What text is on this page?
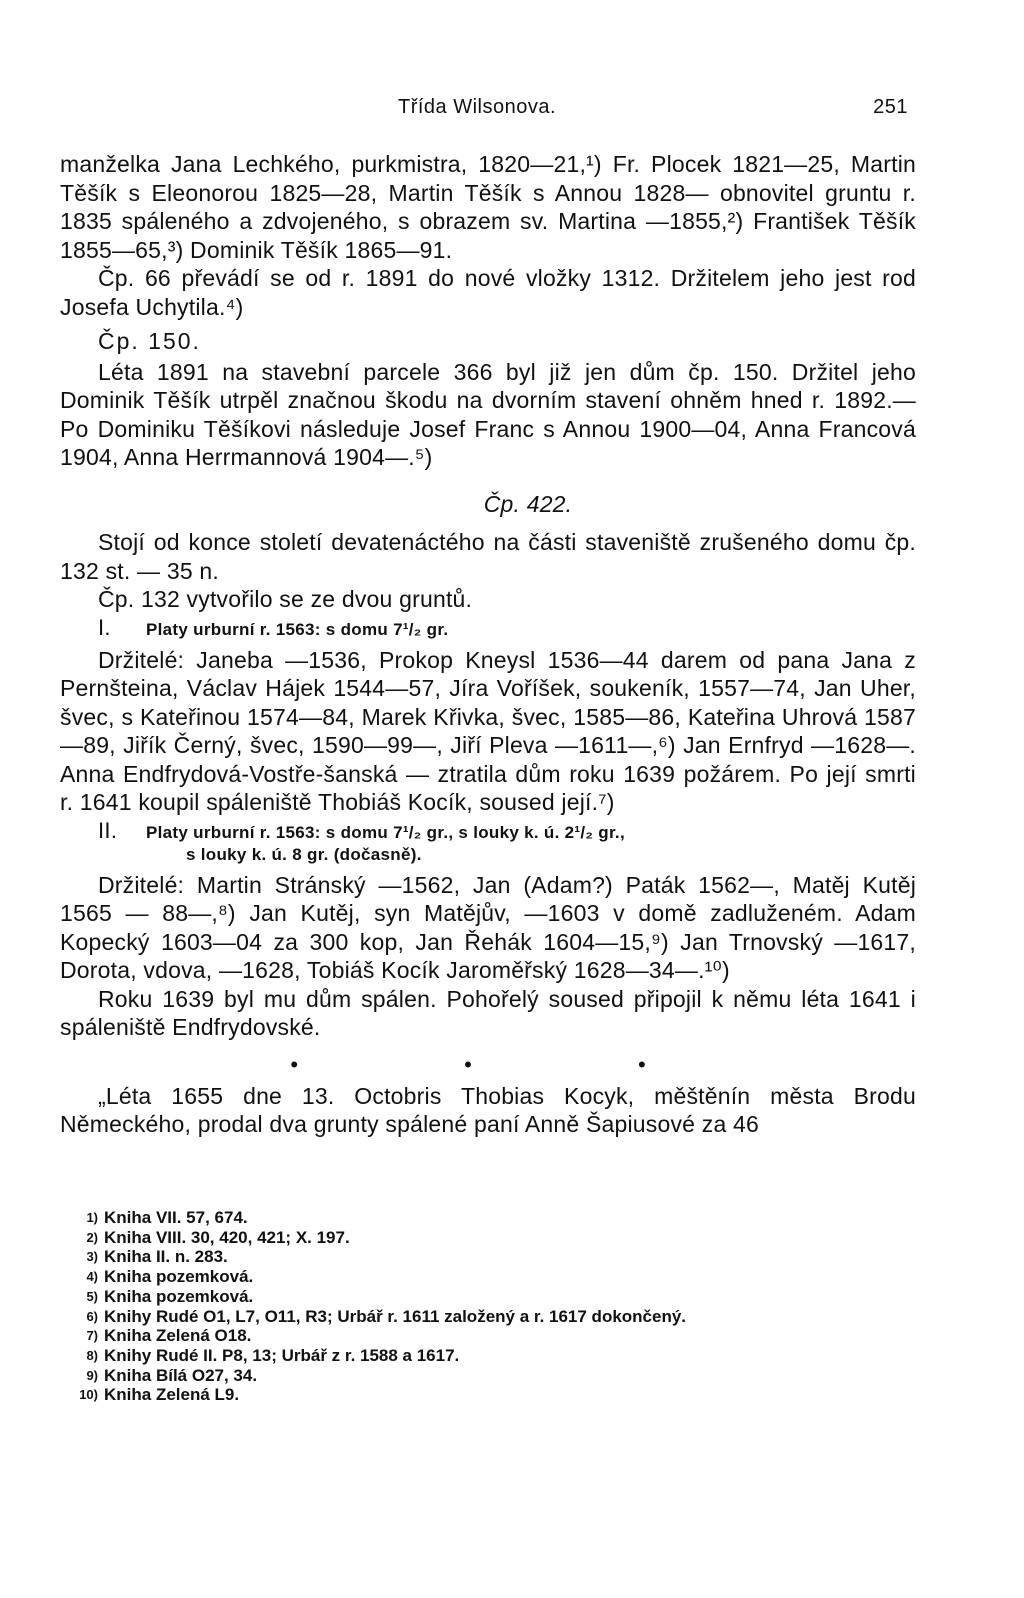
Třída Wilsonova.	251

manželka Jana Lechkého, purkmistra, 1820—21,¹) Fr. Plocek 1821—25, Martin Těšík s Eleonorou 1825—28, Martin Těšík s Annou 1828— obnovitel gruntu r. 1835 spáleného a zdvojeného, s obrazem sv. Martina —1855,²) František Těšík 1855—65,³) Dominik Těšík 1865—91.

Čp. 66 převádí se od r. 1891 do nové vložky 1312. Držitelem jeho jest rod Josefa Uchytila.⁴)

Čp. 150.

Léta 1891 na stavební parcele 366 byl již jen dům čp. 150. Držitel jeho Dominik Těšík utrpěl značnou škodu na dvorním stavení ohněm hned r. 1892.— Po Dominiku Těšíkovi následuje Josef Franc s Annou 1900—04, Anna Francová 1904, Anna Herrmannová 1904—.⁵)

Čp. 422.

Stojí od konce století devatenáctého na části staveniště zrušeného domu čp. 132 st. — 35 n.

Čp. 132 vytvořilo se ze dvou gruntů.

I. Platy urburní r. 1563: s domu 7¹/₂ gr.

Držitelé: Janeba —1536, Prokop Kneysl 1536—44 darem od pana Jana z Pernšteina, Václav Hájek 1544—57, Jíra Voříšek, soukeník, 1557—74, Jan Uher, švec, s Kateřinou 1574—84, Marek Křivka, švec, 1585—86, Kateřina Uhrová 1587—89, Jiřík Černý, švec, 1590—99—, Jiří Pleva —1611—,⁶) Jan Ernfryd —1628—. Anna Endfrydová-Vostře-šanská — ztratila dům roku 1639 požárem. Po její smrti r. 1641 koupil spáleniště Thobiáš Kocík, soused její.⁷)

II. Platy urburní r. 1563: s domu 7¹/₂ gr., s louky k. ú. 2¹/₂ gr.,
s louky k. ú. 8 gr. (dočasně).

Držitelé: Martin Stránský —1562, Jan (Adam?) Paták 1562—, Matěj Kutěj 1565 — 88—,⁸) Jan Kutěj, syn Matějův, —1603 v domě zadluženém. Adam Kopecký 1603—04 za 300 kop, Jan Řehák 1604—15,⁹) Jan Trnovský —1617, Dorota, vdova, —1628, Tobiáš Kocík Jaroměřský 1628—34—.¹⁰)

Roku 1639 byl mu dům spálen. Pohořelý soused připojil k němu léta 1641 i spáleniště Endfrydovské.

• • •

„Léta 1655 dne 13. Octobris Thobias Kocyk, měštěnín města Brodu Německého, prodal dva grunty spálené paní Anně Šapiusové za 46

1) Kniha VII. 57, 674.
2) Kniha VIII. 30, 420, 421; X. 197.
3) Kniha II. n. 283.
4) Kniha pozemková.
5) Kniha pozemková.
6) Knihy Rudé O1, L7, O11, R3; Urbář r. 1611 založený a r. 1617 dokončený.
7) Kniha Zelená O18.
8) Knihy Rudé II. P8, 13; Urbář z r. 1588 a 1617.
9) Kniha Bílá O27, 34.
10) Kniha Zelená L9.
